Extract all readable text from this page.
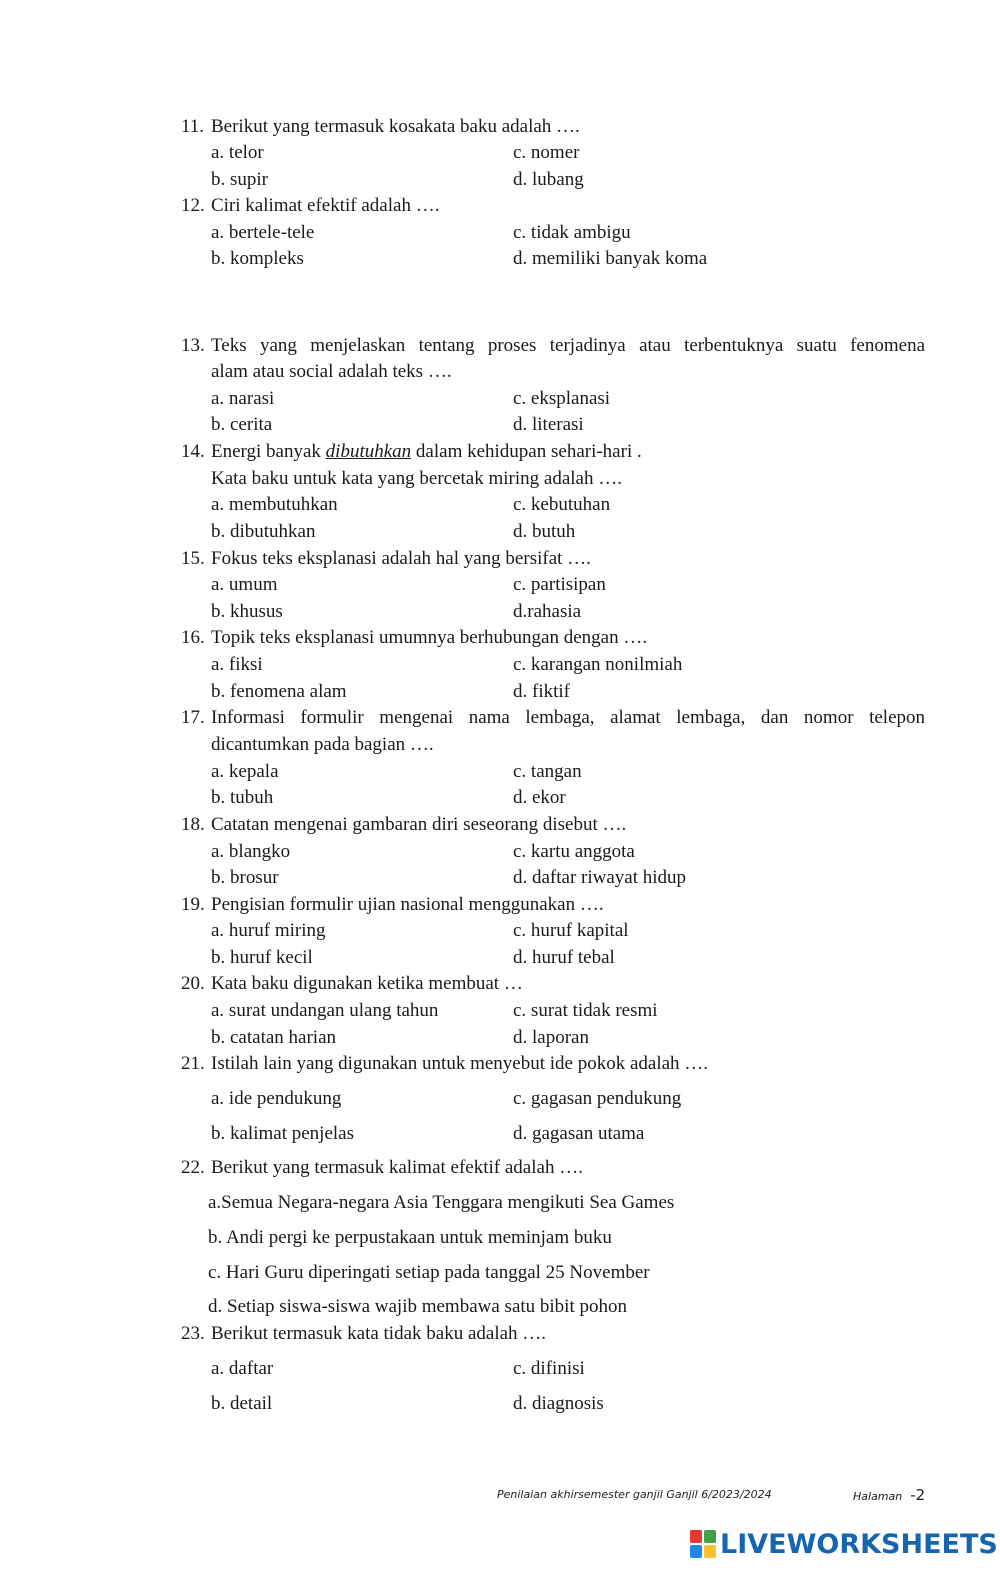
11. Berikut yang termasuk kosakata baku adalah ….
a. telor
b. supir
c. nomer
d. lubang
12. Ciri kalimat efektif adalah ….
a. bertele-tele
b. kompleks
c. tidak ambigu
d. memiliki banyak koma
13. Teks yang menjelaskan tentang proses terjadinya atau terbentuknya suatu fenomena
alam atau social adalah teks ….
a. narasi
b. cerita
c. eksplanasi
d. literasi
14. Energi banyak dibutuhkan dalam kehidupan sehari-hari .
Kata baku untuk kata yang bercetak miring adalah ….
a. membutuhkan
b. dibutuhkan
c. kebutuhan
d. butuh
15. Fokus teks eksplanasi adalah hal yang bersifat ….
a. umum
b. khusus
c. partisipan
d.rahasia
16. Topik teks eksplanasi umumnya berhubungan dengan ….
a. fiksi
b. fenomena alam
c. karangan nonilmiah
d. fiktif
17. Informasi formulir mengenai nama lembaga, alamat lembaga, dan nomor telepon
dicantumkan pada bagian ….
a. kepala
b. tubuh
c. tangan
d. ekor
18. Catatan mengenai gambaran diri seseorang disebut ….
a. blangko
b. brosur
c. kartu anggota
d. daftar riwayat hidup
19. Pengisian formulir ujian nasional menggunakan ….
a. huruf miring
b. huruf kecil
c. huruf kapital
d. huruf tebal
20. Kata baku digunakan ketika membuat …
a. surat undangan ulang tahun
b. catatan harian
c. surat tidak resmi
d. laporan
21. Istilah lain yang digunakan untuk menyebut ide pokok adalah ….
a. ide pendukung
b. kalimat penjelas
c. gagasan pendukung
d. gagasan utama
22. Berikut yang termasuk kalimat efektif adalah ….
a.Semua Negara-negara Asia Tenggara mengikuti Sea Games
b. Andi pergi ke perpustakaan untuk meminjam buku
c. Hari Guru diperingati setiap pada tanggal 25 November
d. Setiap siswa-siswa wajib membawa satu bibit pohon
23. Berikut termasuk kata tidak baku adalah ….
a. daftar
b. detail
c. difinisi
d. diagnosis
Penilaian akhirsemester ganjil Ganjil 6/2023/2024	Halaman -2
LIVEWORKSHEETS
